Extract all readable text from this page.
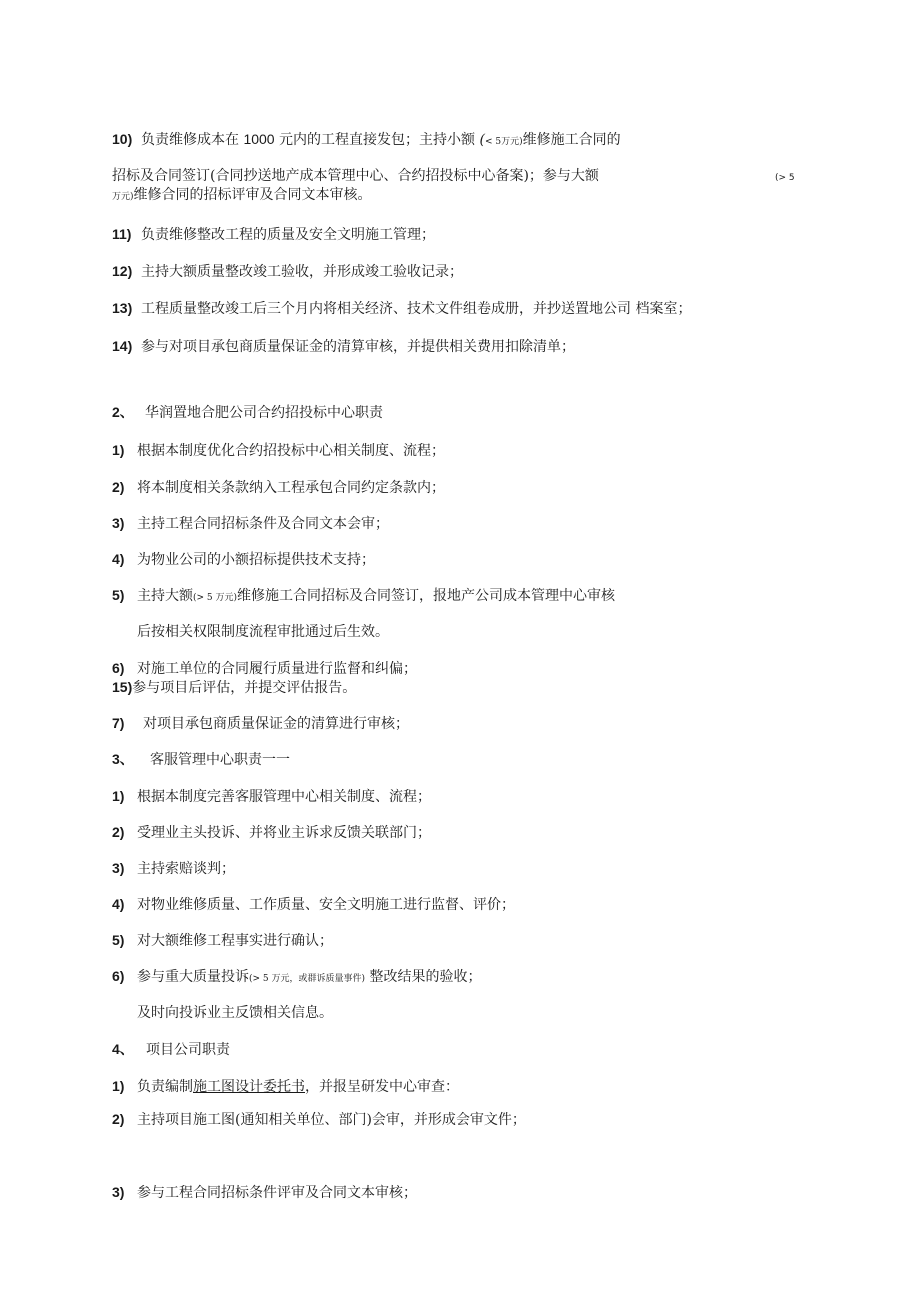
10) 负责维修成本在 1000 元内的工程直接发包；主持小额 (< 5万元)维修施工合同的
招标及合同签订(合同抄送地产成本管理中心、合约招投标中心备案)；参与大额	(> 5
万元)维修合同的招标评审及合同文本审核。
11) 负责维修整改工程的质量及安全文明施工管理；
12) 主持大额质量整改竣工验收，并形成竣工验收记录；
13) 工程质量整改竣工后三个月内将相关经济、技术文件组卷成册，并抄送置地公司 档案室；
14) 参与对项目承包商质量保证金的清算审核，并提供相关费用扣除清单；
2、 华润置地合肥公司合约招投标中心职责
1) 根据本制度优化合约招投标中心相关制度、流程；
2) 将本制度相关条款纳入工程承包合同约定条款内；
3) 主持工程合同招标条件及合同文本会审；
4) 为物业公司的小额招标提供技术支持；
5) 主持大额(> 5 万元)维修施工合同招标及合同签订，报地产公司成本管理中心审核
后按相关权限制度流程审批通过后生效。
6) 对施工单位的合同履行质量进行监督和纠偏；
15)参与项目后评估，并提交评估报告。
7) 对项目承包商质量保证金的清算进行审核；
3、 客服管理中心职责一一
1) 根据本制度完善客服管理中心相关制度、流程；
2) 受理业主头投诉、并将业主诉求反馈关联部门；
3) 主持索赔谈判；
4) 对物业维修质量、工作质量、安全文明施工进行监督、评价；
5) 对大额维修工程事实进行确认；
6) 参与重大质量投诉(> 5 万元，或群诉质量事件) 整改结果的验收；
及时向投诉业主反馈相关信息。
4、 项目公司职责
1) 负责编制施工图设计委托书，并报呈研发中心审查：
2) 主持项目施工图(通知相关单位、部门)会审，并形成会审文件；
3) 参与工程合同招标条件评审及合同文本审核；
